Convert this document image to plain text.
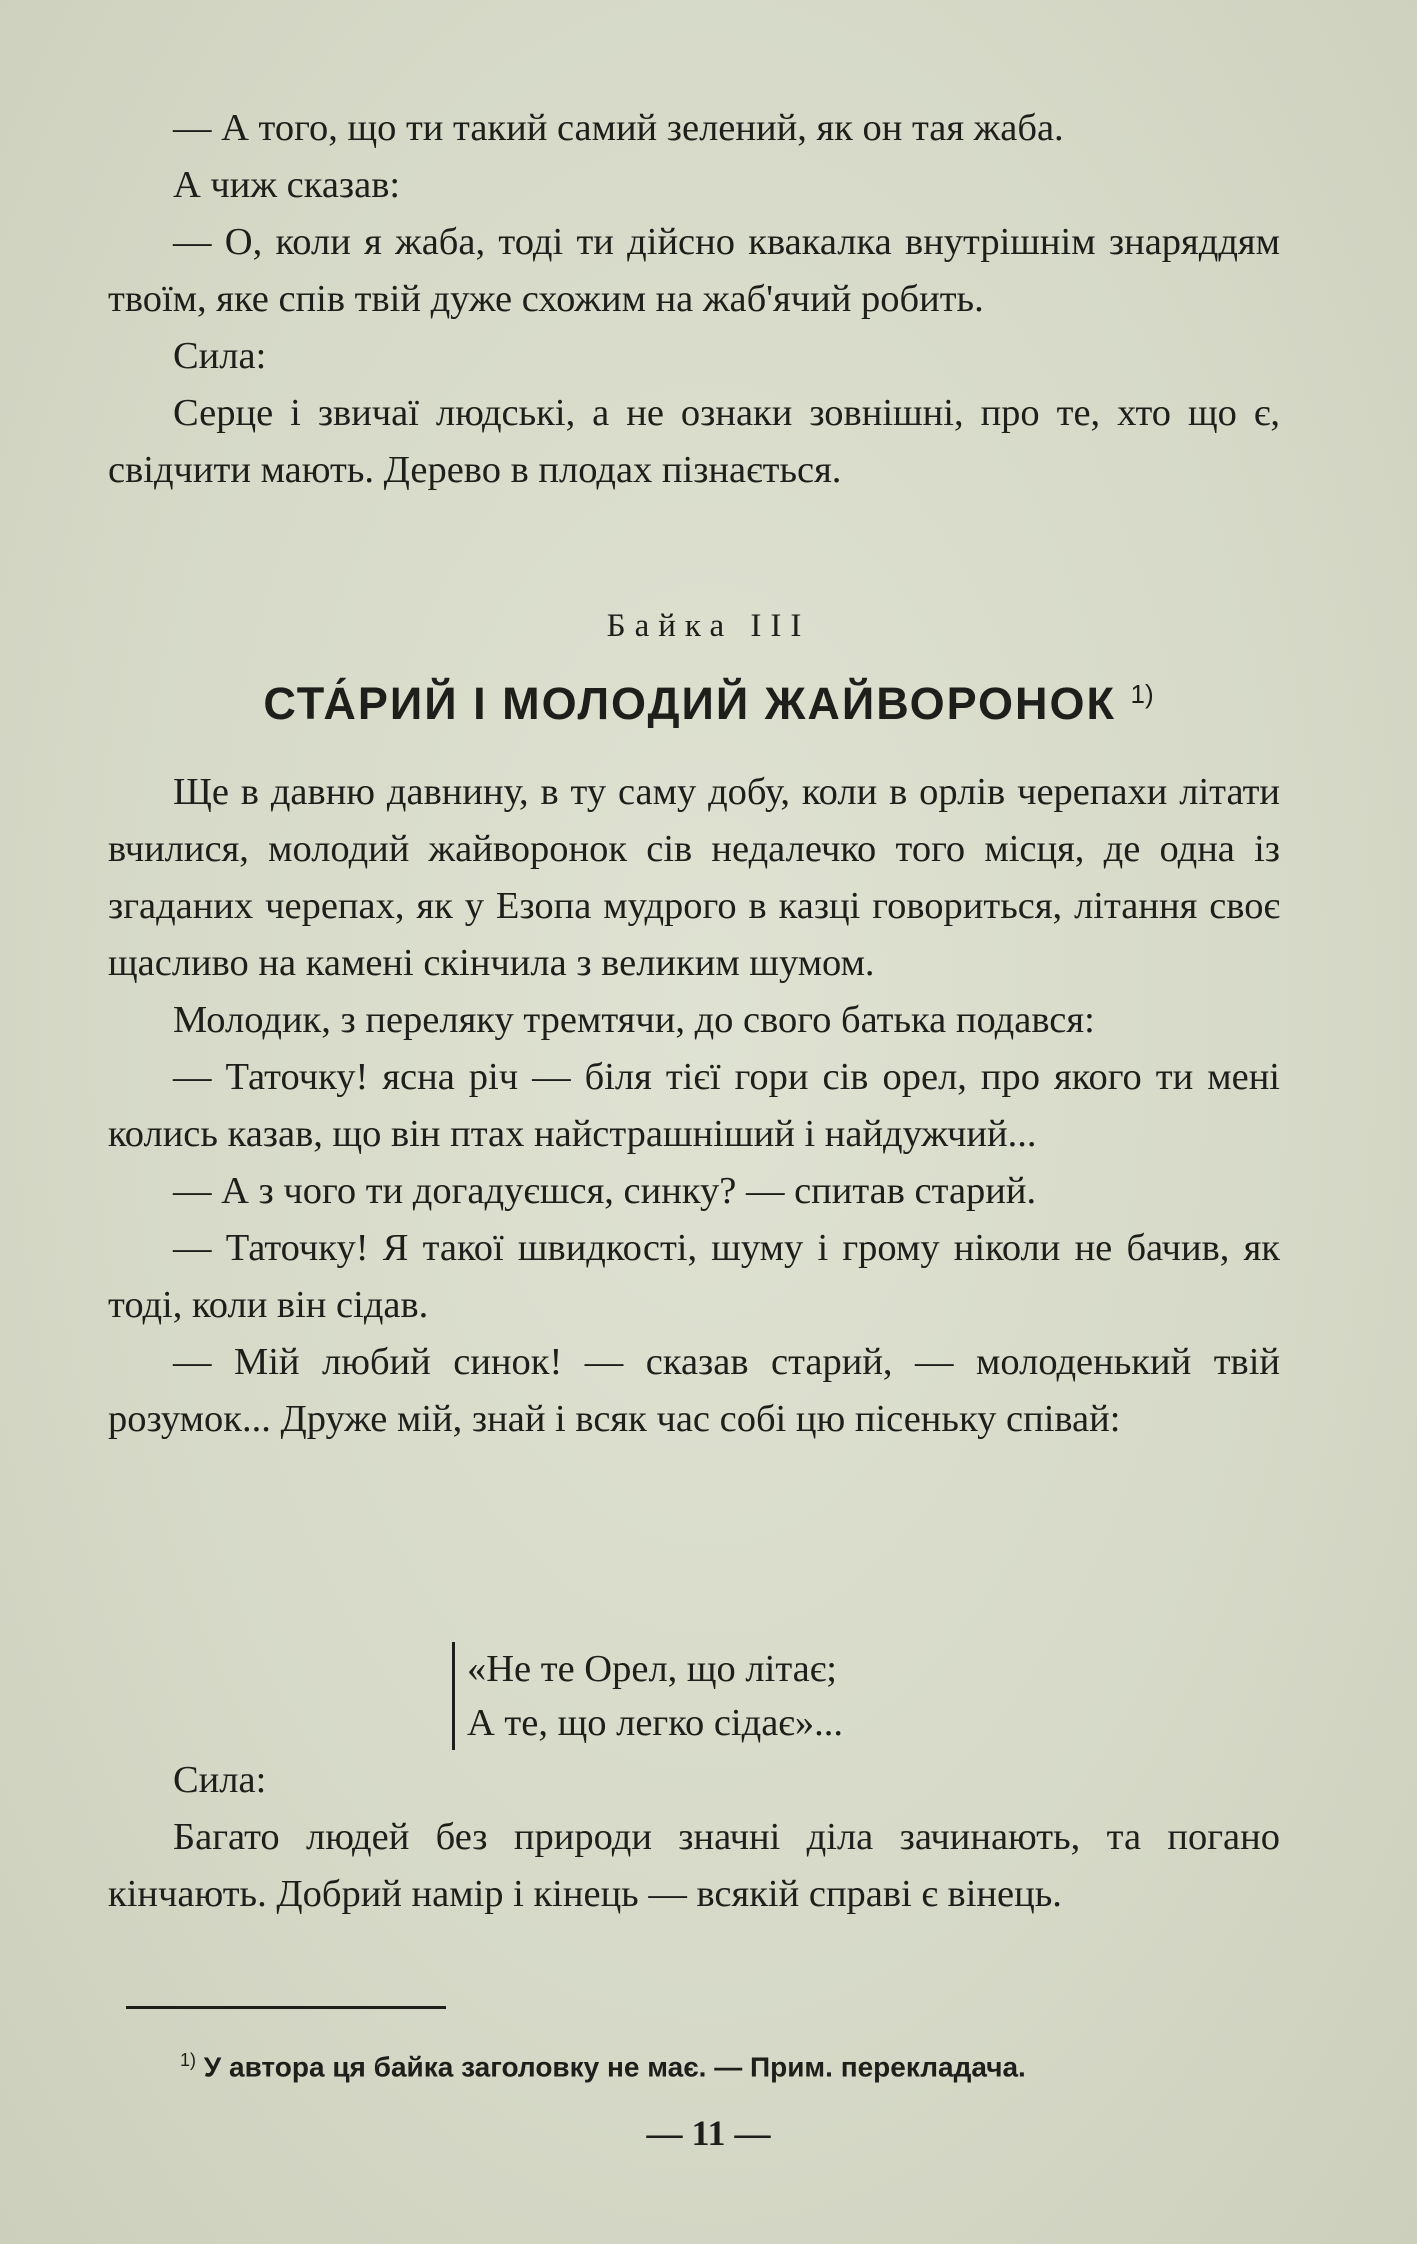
— А того, що ти такий самий зелений, як он тая жаба.

А чиж сказав:

— О, коли я жаба, тоді ти дійсно квакалка внутрішнім знаряддям твоїм, яке спів твій дуже схожим на жаб'ячий робить.

Сила:

Серце і звичаї людські, а не ознаки зовнішні, про те, хто що є, свідчити мають. Дерево в плодах пізнається.

Байка III
СТА́РИЙ І МОЛОДИЙ ЖАЙВОРОНОК $^{1)}$

Ще в давню давнину, в ту саму добу, коли в орлів черепахи літати вчилися, молодий жайворонок сів недалечко того місця, де одна із згаданих черепах, як у Езопа мудрого в казці говориться, літання своє щасливо на камені скінчила з великим шумом.

Молодик, з переляку тремтячи, до свого батька подався:

— Таточку! ясна річ — біля тієї гори сів орел, про якого ти мені колись казав, що він птах найстрашніший і найдужчий...

— А з чого ти догадуєшся, синку? — спитав старий.

— Таточку! Я такої швидкості, шуму і грому ніколи не бачив, як тоді, коли він сідав.

— Мій любий синок! — сказав старий, — молоденький твій розумок... Друже мій, знай і всяк час собі цю пісеньку співай:

«Не те Орел, що літає;
А те, що легко сідає»...

Сила:

Багато людей без природи значні діла зачинають, та погано кінчають. Добрий намір і кінець — всякій справі є вінець.

$^{1)}$ У автора ця байка заголовку не має. — Прим. перекладача.
— 11 —
